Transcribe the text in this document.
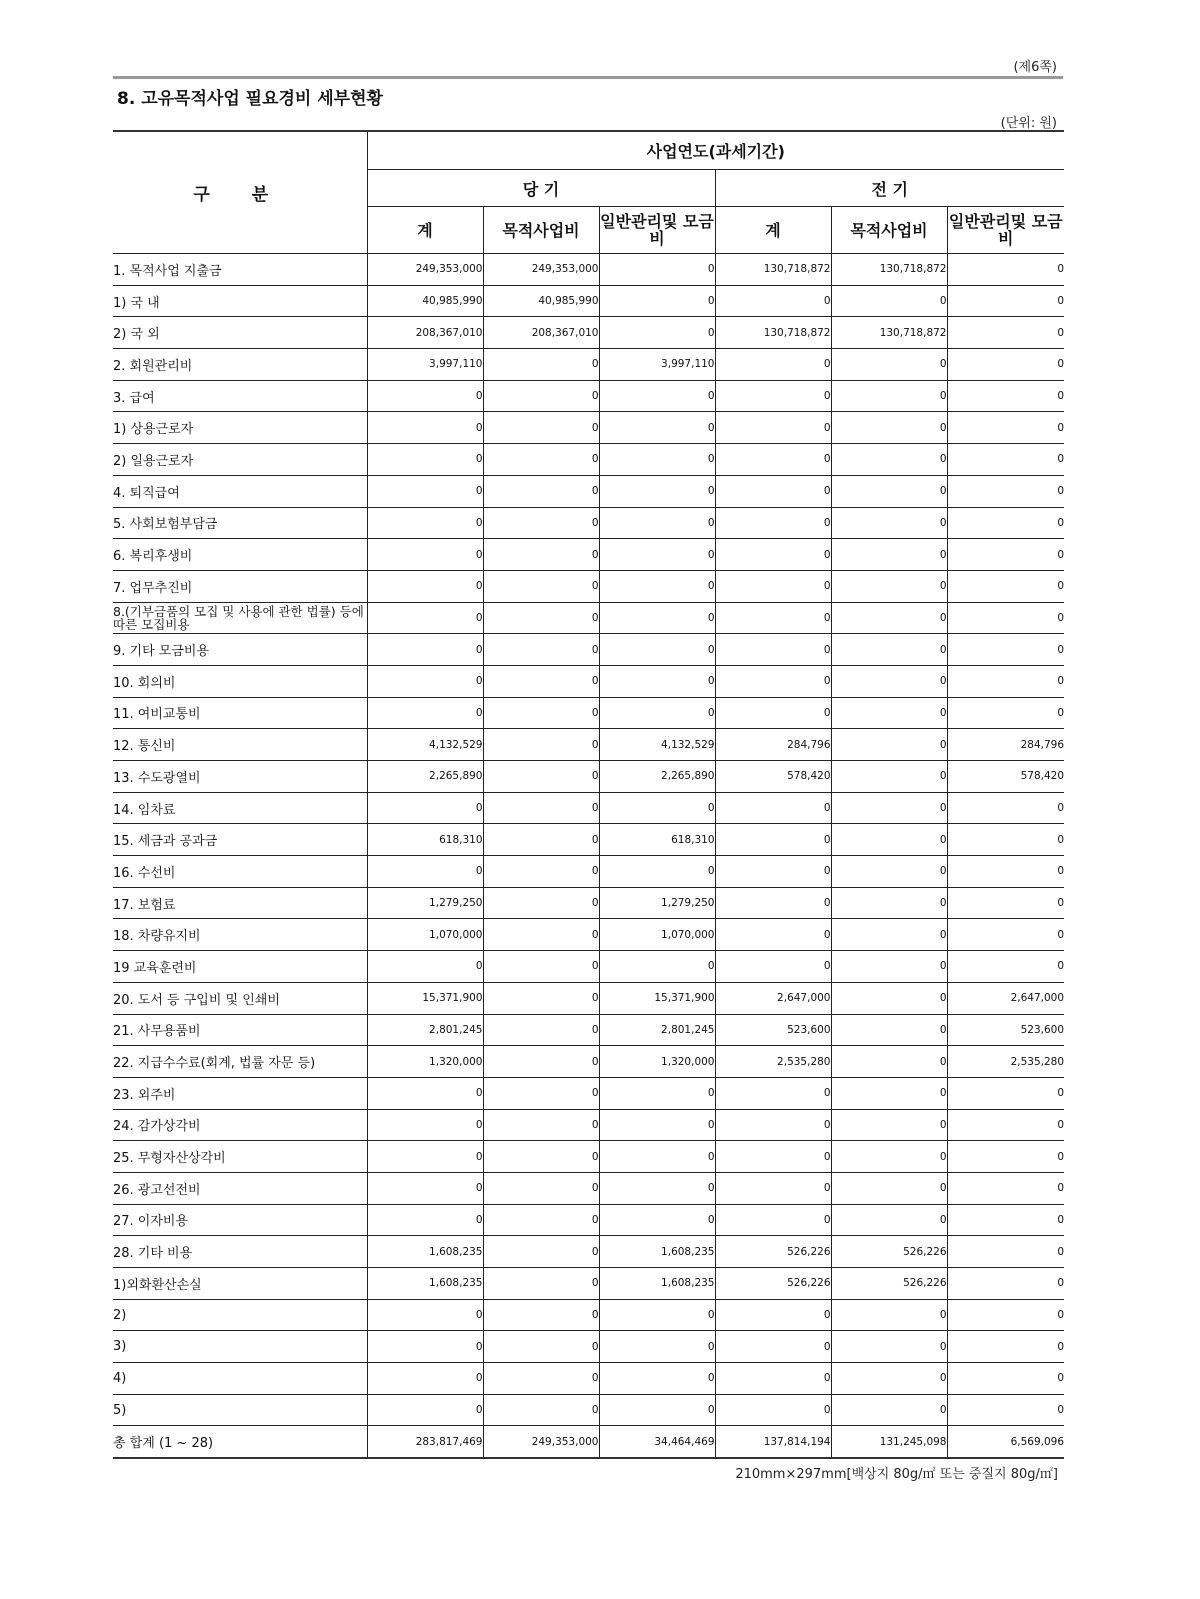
(제6쪽)
8. 고유목적사업 필요경비 세부현황
(단위: 원)
구 분	사업연도(과세기간)					
	당 기			전 기		
	계	목적사업비	일반관리및 모금비	계	목적사업비	일반관리및 모금비
1. 목적사업 지출금	249,353,000	249,353,000	0	130,718,872	130,718,872	0
1) 국 내	40,985,990	40,985,990	0	0	0	0
2) 국 외	208,367,010	208,367,010	0	130,718,872	130,718,872	0
2. 회원관리비	3,997,110	0	3,997,110	0	0	0
3. 급여	0	0	0	0	0	0
1) 상용근로자	0	0	0	0	0	0
2) 일용근로자	0	0	0	0	0	0
4. 퇴직급여	0	0	0	0	0	0
5. 사회보험부담금	0	0	0	0	0	0
6. 복리후생비	0	0	0	0	0	0
7. 업무추진비	0	0	0	0	0	0
8.(기부금품의 모집 및 사용에 관한 법률) 등에 따른 모집비용	0	0	0	0	0	0
9. 기타 모금비용	0	0	0	0	0	0
10. 회의비	0	0	0	0	0	0
11. 여비교통비	0	0	0	0	0	0
12. 통신비	4,132,529	0	4,132,529	284,796	0	284,796
13. 수도광열비	2,265,890	0	2,265,890	578,420	0	578,420
14. 임차료	0	0	0	0	0	0
15. 세금과 공과금	618,310	0	618,310	0	0	0
16. 수선비	0	0	0	0	0	0
17. 보험료	1,279,250	0	1,279,250	0	0	0
18. 차량유지비	1,070,000	0	1,070,000	0	0	0
19 교육훈련비	0	0	0	0	0	0
20. 도서 등 구입비 및 인쇄비	15,371,900	0	15,371,900	2,647,000	0	2,647,000
21. 사무용품비	2,801,245	0	2,801,245	523,600	0	523,600
22. 지급수수료(회계, 법률 자문 등)	1,320,000	0	1,320,000	2,535,280	0	2,535,280
23. 외주비	0	0	0	0	0	0
24. 감가상각비	0	0	0	0	0	0
25. 무형자산상각비	0	0	0	0	0	0
26. 광고선전비	0	0	0	0	0	0
27. 이자비용	0	0	0	0	0	0
28. 기타 비용	1,608,235	0	1,608,235	526,226	526,226	0
1)외화환산손실	1,608,235	0	1,608,235	526,226	526,226	0
2)	0	0	0	0	0	0
3)	0	0	0	0	0	0
4)	0	0	0	0	0	0
5)	0	0	0	0	0	0
총 합계 (1 ~ 28)	283,817,469	249,353,000	34,464,469	137,814,194	131,245,098	6,569,096
210mm×297mm[백상지 80g/㎡ 또는 중질지 80g/㎡]
